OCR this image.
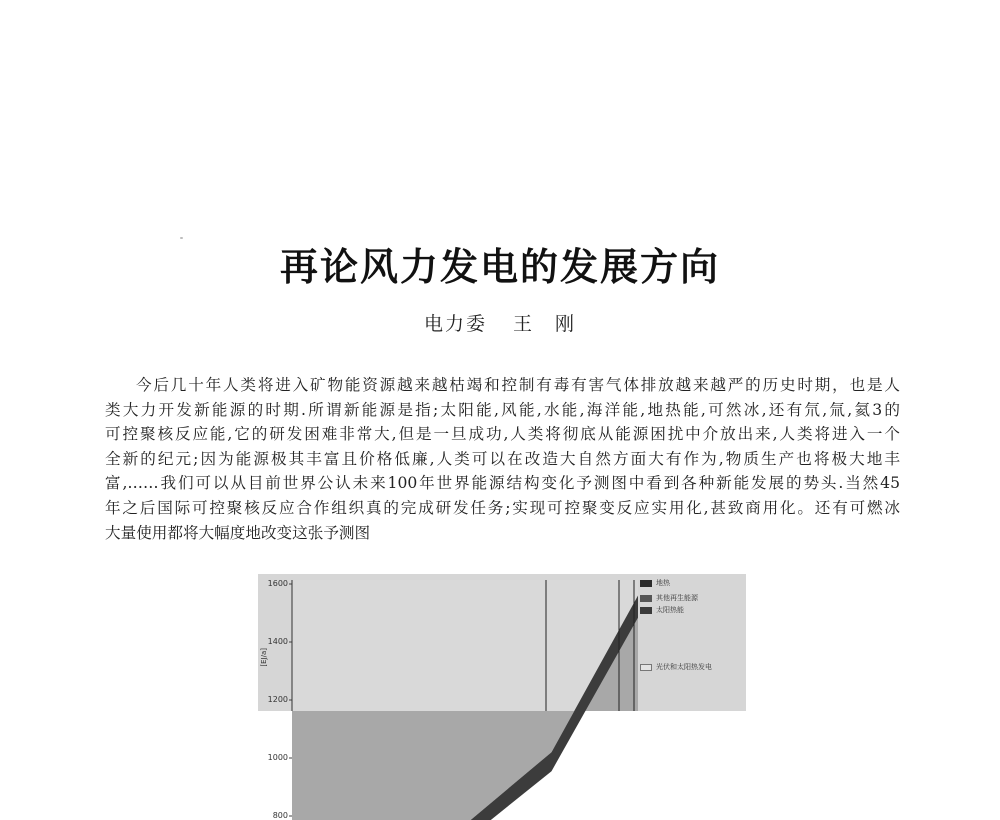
再论风力发电的发展方向
电力委 王　刚
今后几十年人类将进入矿物能资源越来越枯竭和控制有毒有害气体排放越来越严的历史时期，也是人
类大力开发新能源的时期.所谓新能源是指;太阳能,风能,水能,海洋能,地热能,可然冰,还有氘,氚,氦3的
可控聚核反应能,它的研发困难非常大,但是一旦成功,人类将彻底从能源困扰中介放出来,人类将进入一个
全新的纪元;因为能源极其丰富且价格低廉,人类可以在改造大自然方面大有作为,物质生产也将极大地丰
富,……我们可以从目前世界公认未来100年世界能源结构变化予测图中看到各种新能发展的势头.当然45
年之后国际可控聚核反应合作组织真的完成研发任务;实现可控聚变反应实用化,甚致商用化。还有可燃冰
大量使用都将大幅度地改变这张予测图
[EJ/a]
1600
1400
1200
1000
800
地热
其他再生能源
太阳热能
光伏和太阳热发电
